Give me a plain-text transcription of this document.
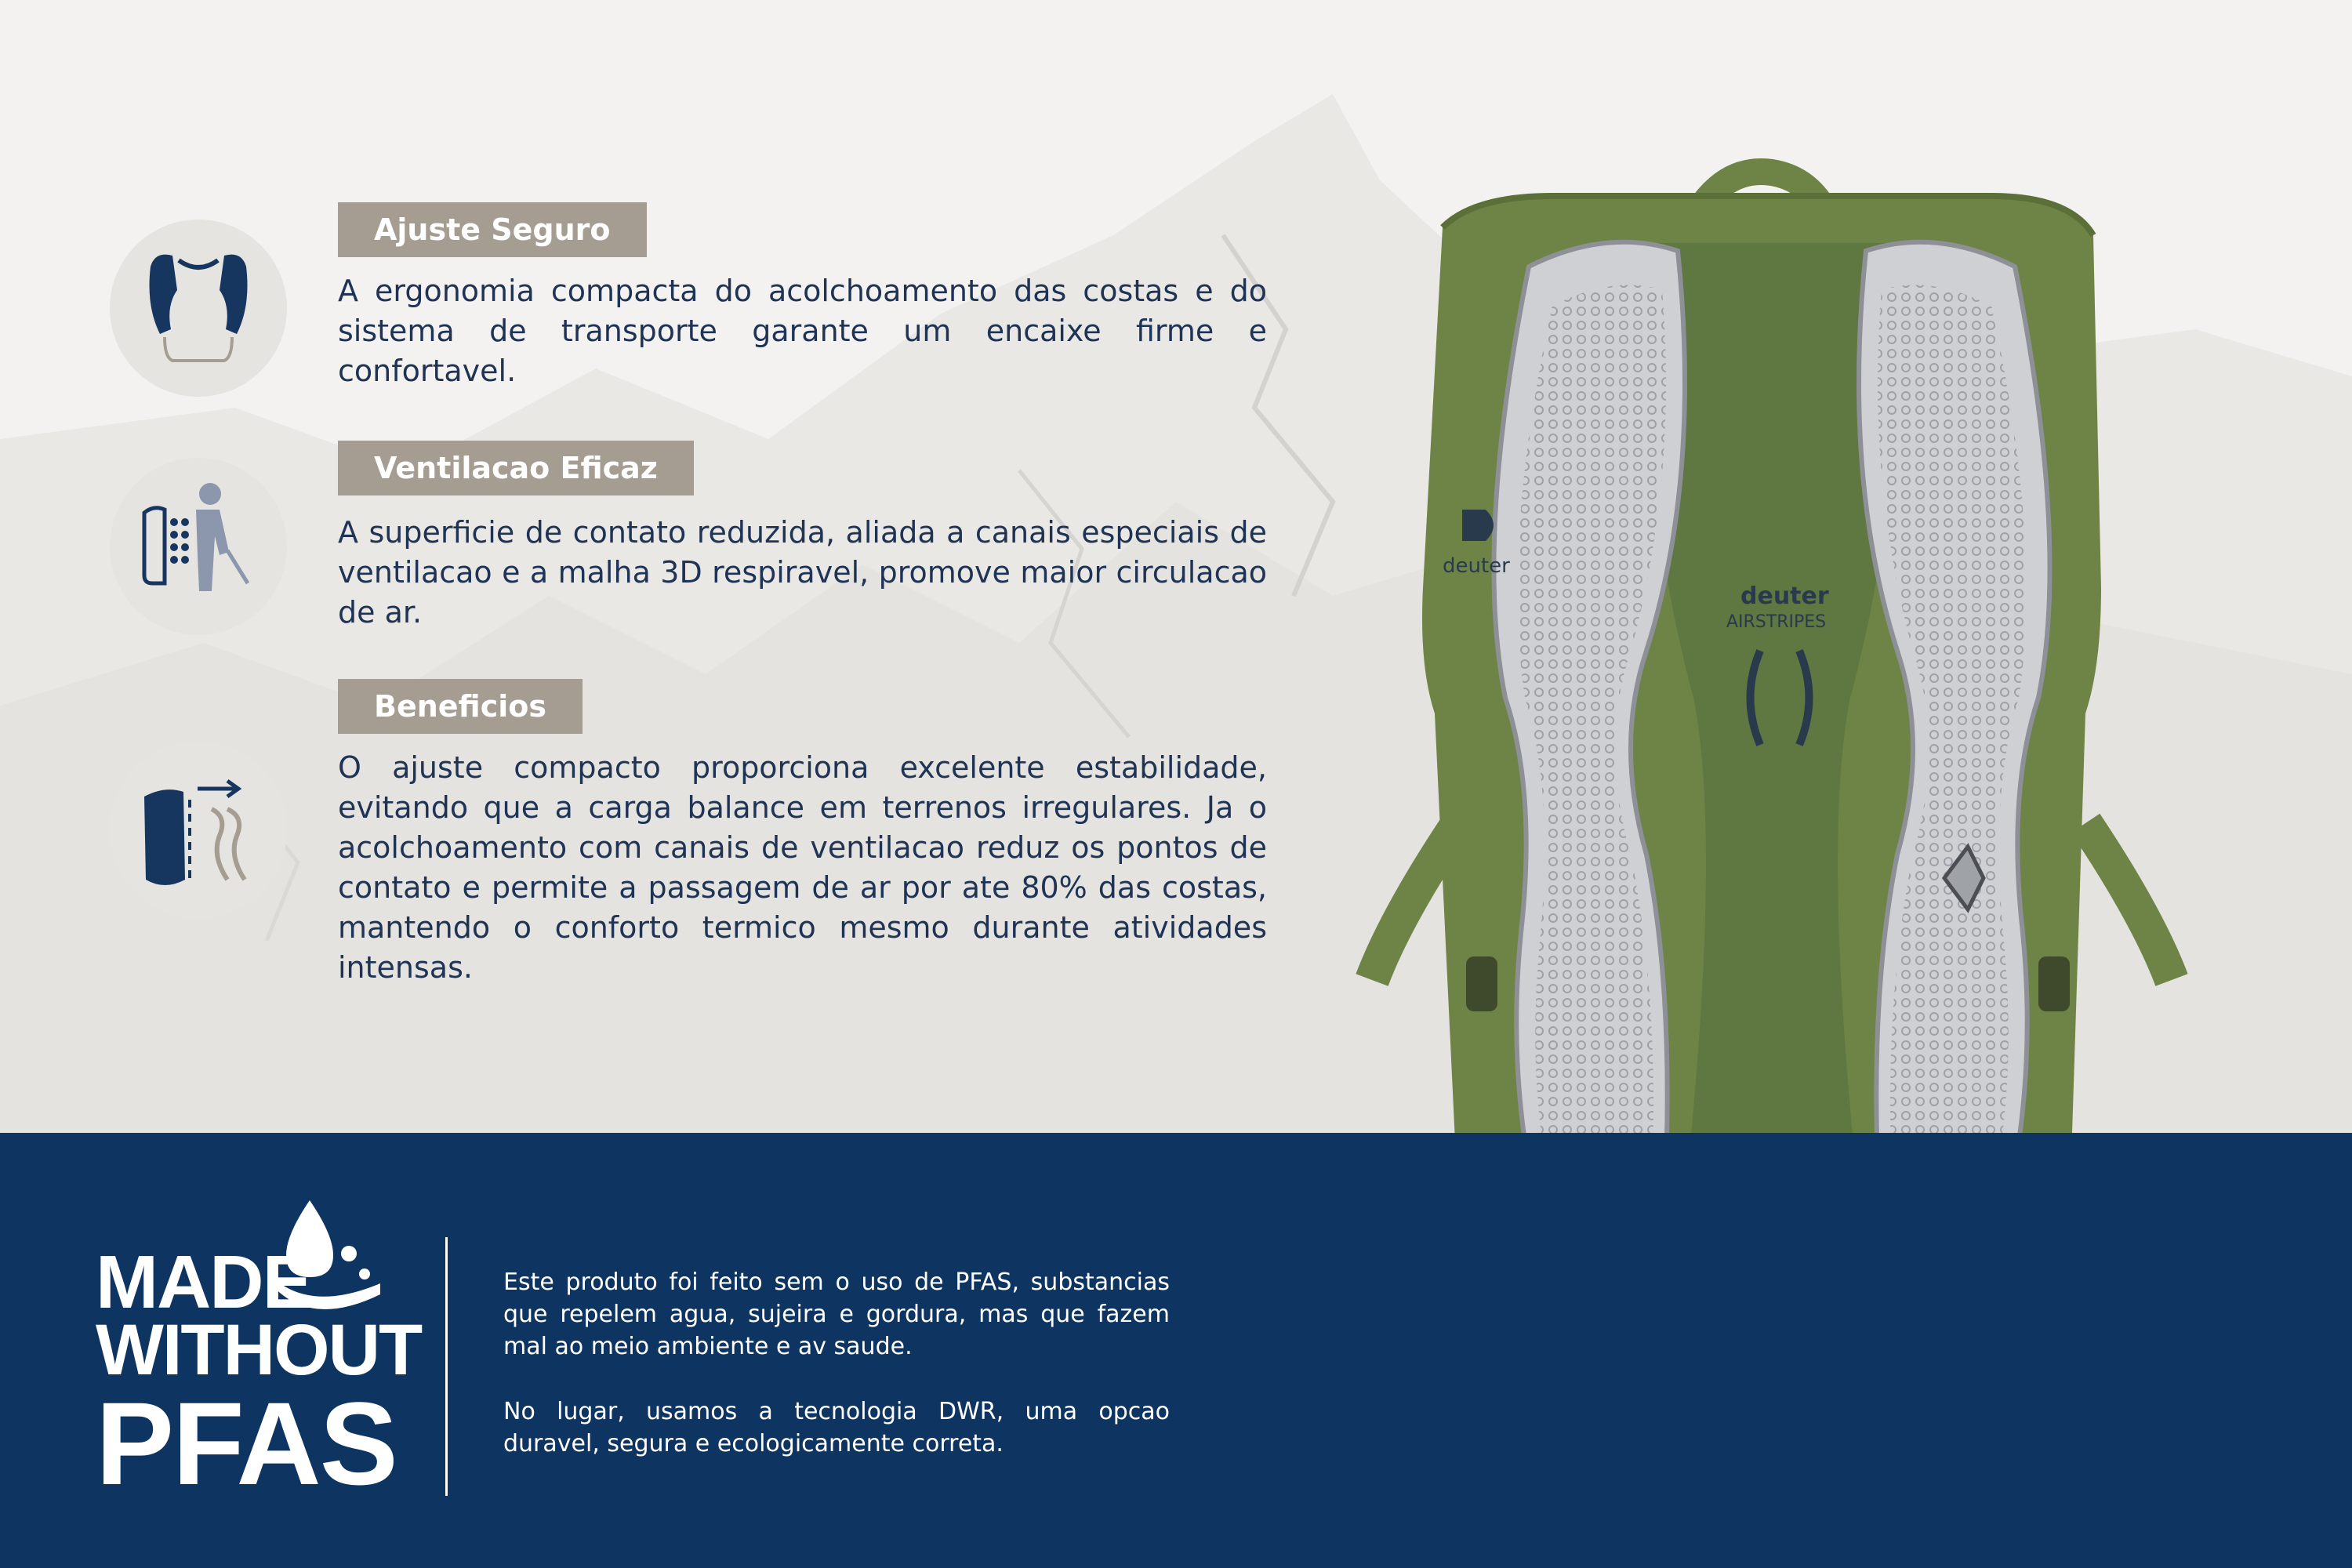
Ajuste Seguro
A ergonomia compacta do acolchoamento das costas e do sistema de transporte garante um encaixe firme e confortavel.
Ventilacao Eficaz
A superficie de contato reduzida, aliada a canais especiais de ventilacao e a malha 3D respiravel, promove maior circulacao de ar.
Beneficios
O ajuste compacto proporciona excelente estabilidade, evitando que a carga balance em terrenos irregulares. Ja o acolchoamento com canais de ventilacao reduz os pontos de contato e permite a passagem de ar por ate 80% das costas, mantendo o conforto termico mesmo durante atividades intensas.
deuter
deuter
AIRSTRIPES
MADE
WITHOUT
PFAS
Este produto foi feito sem o uso de PFAS, substancias que repelem agua, sujeira e gordura, mas que fazem mal ao meio ambiente e av saude.
No lugar, usamos a tecnologia DWR, uma opcao duravel, segura e ecologicamente correta.
